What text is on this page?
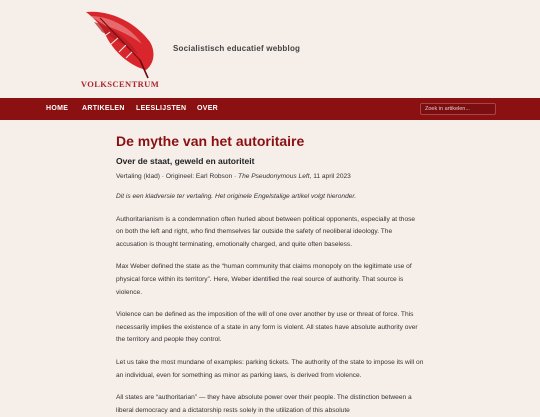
VOLKSCENTRUM
Socialistisch educatief webblog
HOME ARTIKELEN LEESLIJSTEN OVER
Zoek in artikelen...
De mythe van het autoritaire
Over de staat, geweld en autoriteit
Vertaling (klad) · Origineel: Earl Robson · The Pseudonymous Left, 11 april 2023

Dit is een kladversie ter vertaling. Het originele Engelstalige artikel volgt hieronder.

Authoritarianism is a condemnation often hurled about between political opponents, especially at those on both the left and right, who find themselves far outside the safety of neoliberal ideology. The accusation is thought terminating, emotionally charged, and quite often baseless.

Max Weber defined the state as the “human community that claims monopoly on the legitimate use of physical force within its territory”. Here, Weber identified the real source of authority. That source is violence.

Violence can be defined as the imposition of the will of one over another by use or threat of force. This necessarily implies the existence of a state in any form is violent. All states have absolute authority over the territory and people they control.

Let us take the most mundane of examples: parking tickets. The authority of the state to impose its will on an individual, even for something as minor as parking laws, is derived from violence.

All states are “authoritarian” — they have absolute power over their people. The distinction between a liberal democracy and a dictatorship rests solely in the utilization of this absolute
